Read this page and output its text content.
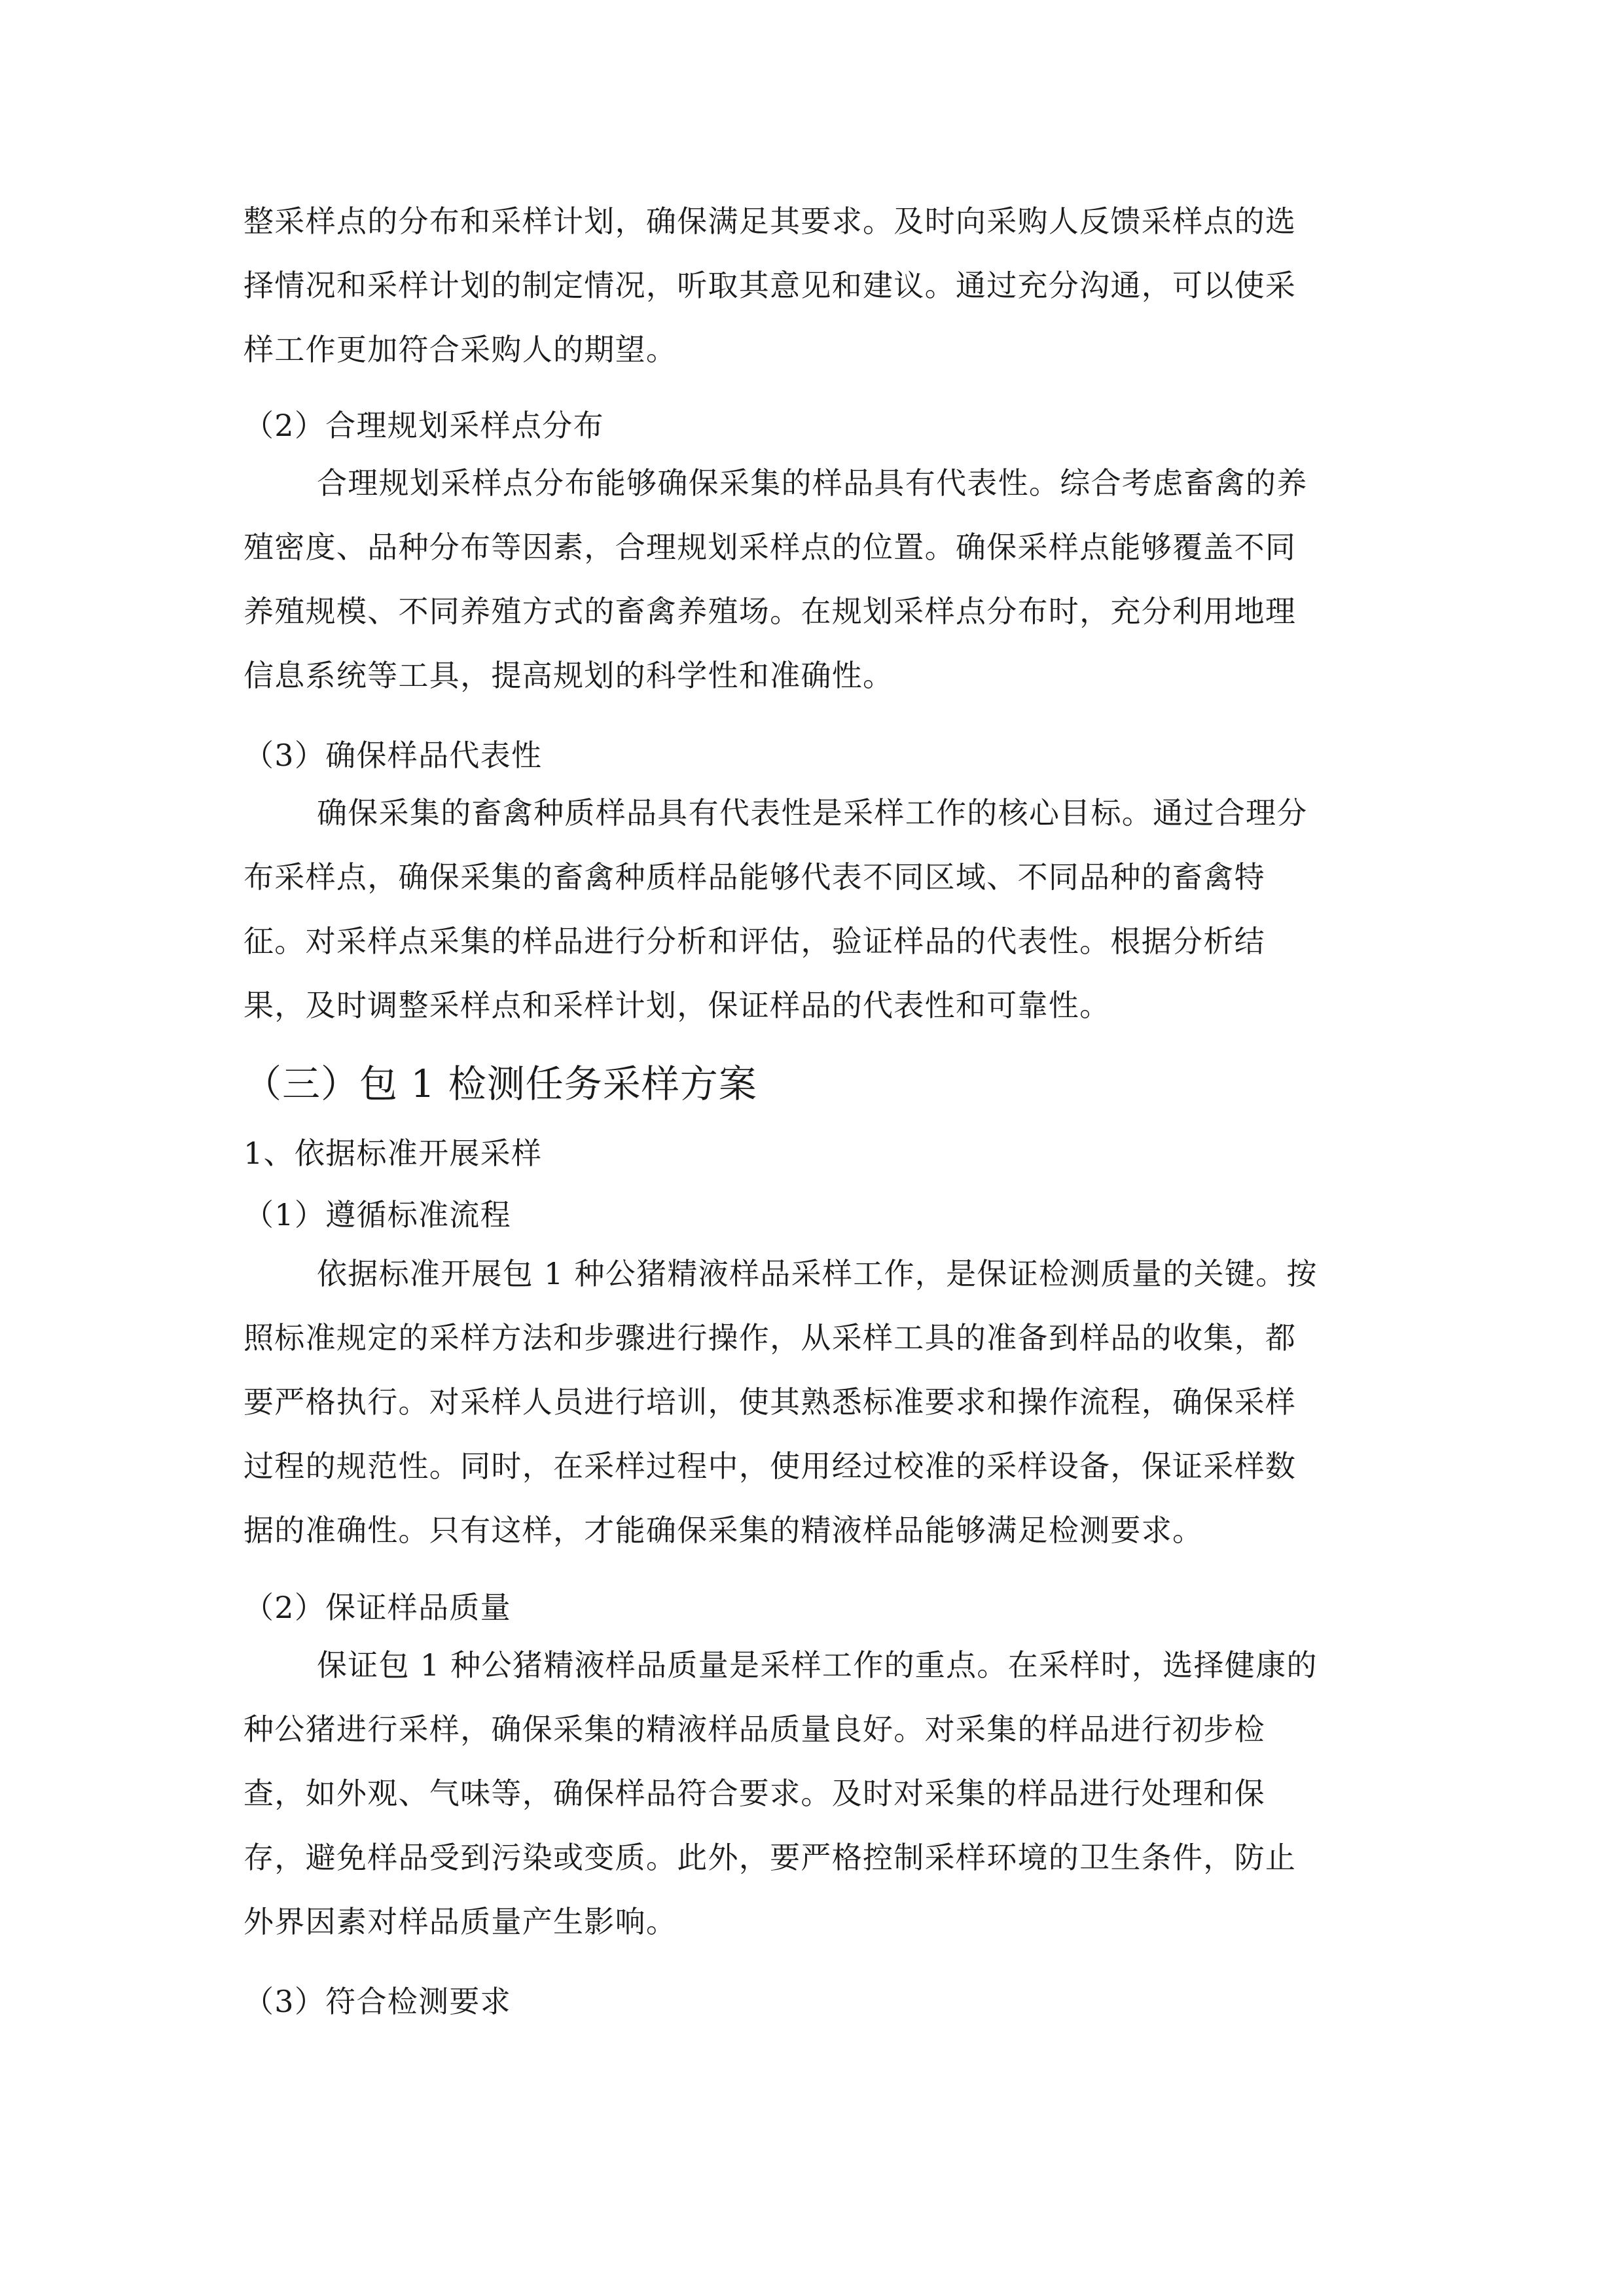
整采样点的分布和采样计划，确保满足其要求。及时向采购人反馈采样点的选
择情况和采样计划的制定情况，听取其意见和建议。通过充分沟通，可以使采
样工作更加符合采购人的期望。
（2）合理规划采样点分布
合理规划采样点分布能够确保采集的样品具有代表性。综合考虑畜禽的养
殖密度、品种分布等因素，合理规划采样点的位置。确保采样点能够覆盖不同
养殖规模、不同养殖方式的畜禽养殖场。在规划采样点分布时，充分利用地理
信息系统等工具，提高规划的科学性和准确性。
（3）确保样品代表性
确保采集的畜禽种质样品具有代表性是采样工作的核心目标。通过合理分
布采样点，确保采集的畜禽种质样品能够代表不同区域、不同品种的畜禽特
征。对采样点采集的样品进行分析和评估，验证样品的代表性。根据分析结
果，及时调整采样点和采样计划，保证样品的代表性和可靠性。
（三）包 1 检测任务采样方案
1、依据标准开展采样
（1）遵循标准流程
依据标准开展包 1 种公猪精液样品采样工作，是保证检测质量的关键。按
照标准规定的采样方法和步骤进行操作，从采样工具的准备到样品的收集，都
要严格执行。对采样人员进行培训，使其熟悉标准要求和操作流程，确保采样
过程的规范性。同时，在采样过程中，使用经过校准的采样设备，保证采样数
据的准确性。只有这样，才能确保采集的精液样品能够满足检测要求。
（2）保证样品质量
保证包 1 种公猪精液样品质量是采样工作的重点。在采样时，选择健康的
种公猪进行采样，确保采集的精液样品质量良好。对采集的样品进行初步检
查，如外观、气味等，确保样品符合要求。及时对采集的样品进行处理和保
存，避免样品受到污染或变质。此外，要严格控制采样环境的卫生条件，防止
外界因素对样品质量产生影响。
（3）符合检测要求
